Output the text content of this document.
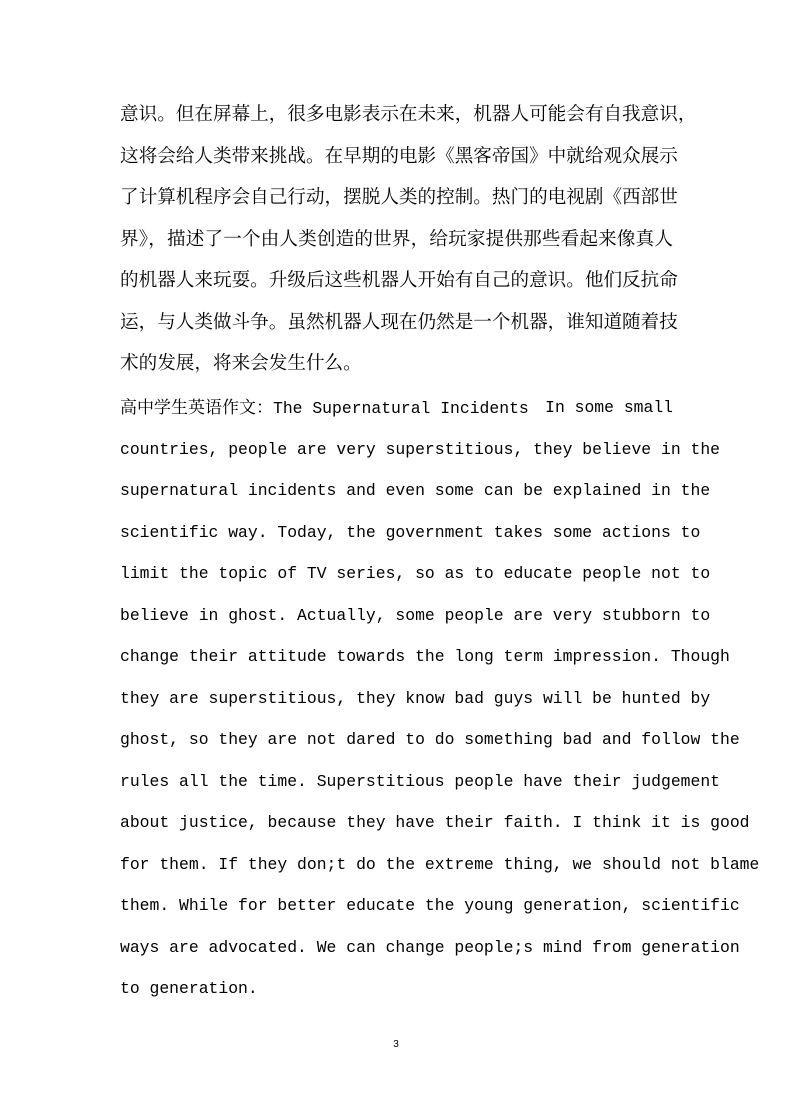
意识。但在屏幕上，很多电影表示在未来，机器人可能会有自我意识，
这将会给人类带来挑战。在早期的电影《黑客帝国》中就给观众展示
了计算机程序会自己行动，摆脱人类的控制。热门的电视剧《西部世
界》，描述了一个由人类创造的世界，给玩家提供那些看起来像真人
的机器人来玩耍。升级后这些机器人开始有自己的意识。他们反抗命
运，与人类做斗争。虽然机器人现在仍然是一个机器，谁知道随着技
术的发展，将来会发生什么。
高中学生英语作文：The Supernatural Incidents In some small
countries, people are very superstitious, they believe in the
supernatural incidents and even some can be explained in the
scientific way. Today, the government takes some actions to
limit the topic of TV series, so as to educate people not to
believe in ghost. Actually, some people are very stubborn to
change their attitude towards the long term impression. Though
they are superstitious, they know bad guys will be hunted by
ghost, so they are not dared to do something bad and follow the
rules all the time. Superstitious people have their judgement
about justice, because they have their faith. I think it is good
for them. If they don;t do the extreme thing, we should not blame
them. While for better educate the young generation, scientific
ways are advocated. We can change people;s mind from generation
to generation.
3
